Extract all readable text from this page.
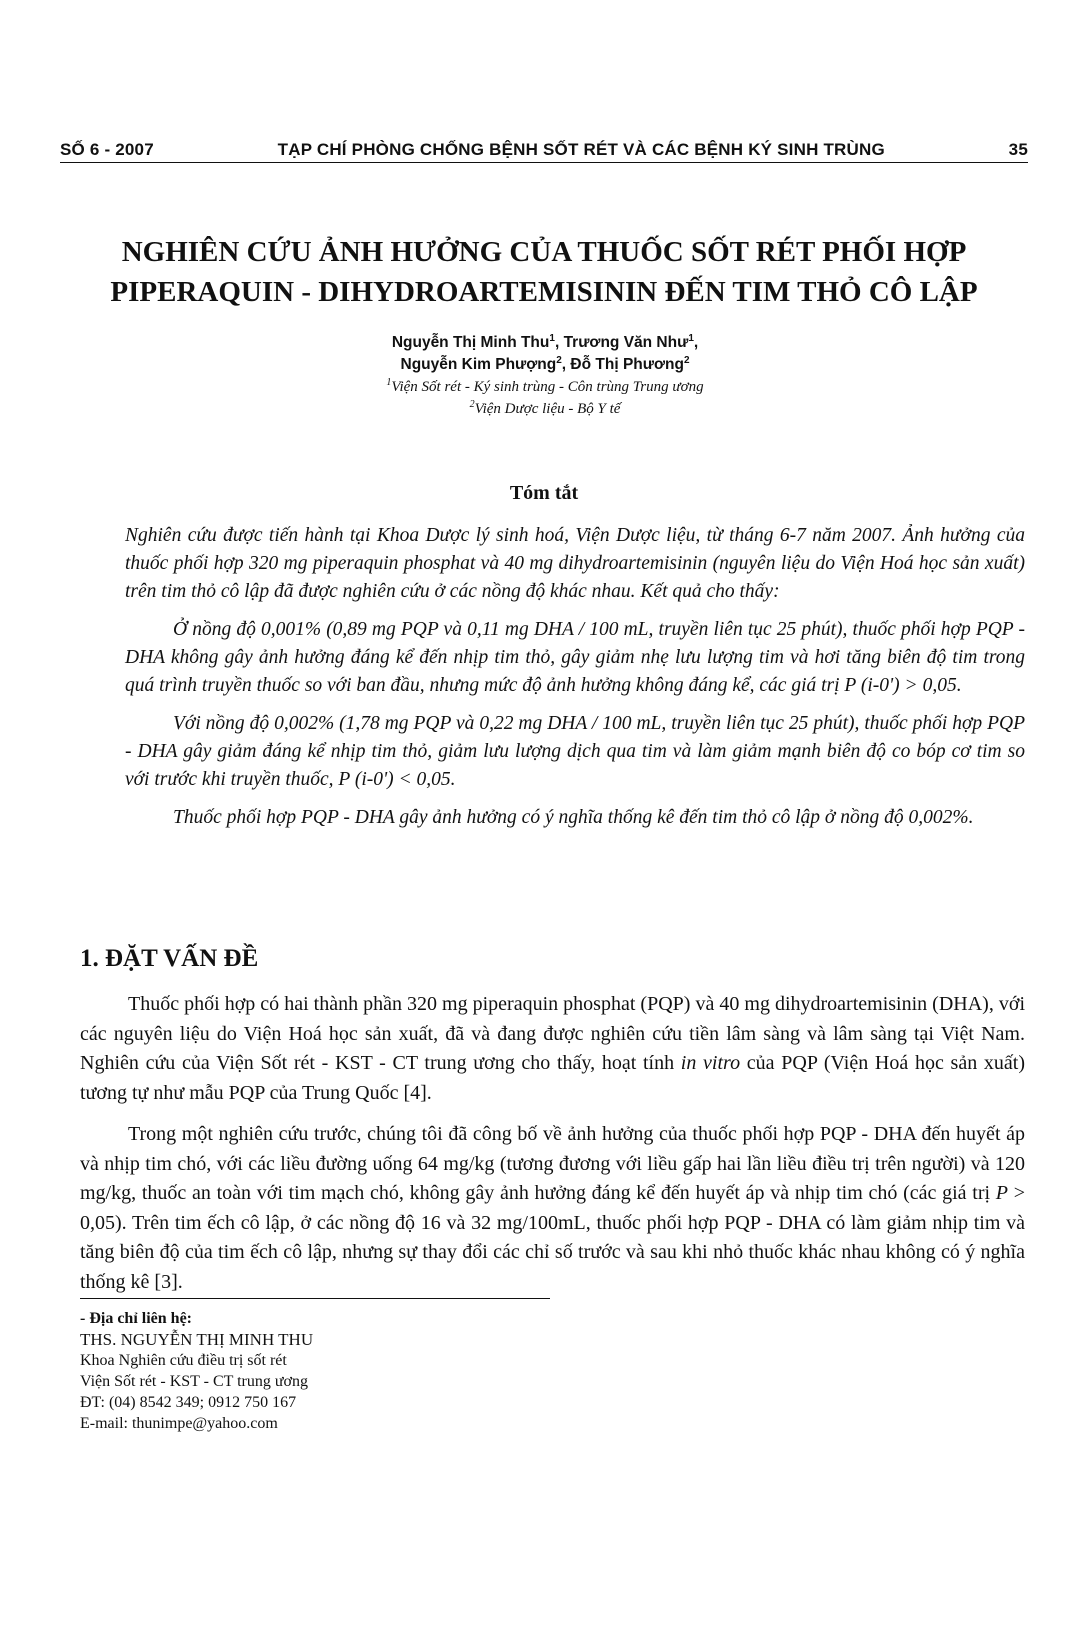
SỐ 6 - 2007	TẠP CHÍ PHÒNG CHỐNG BỆNH SỐT RÉT VÀ CÁC BỆNH KÝ SINH TRÙNG	35
NGHIÊN CỨU ẢNH HƯỞNG CỦA THUỐC SỐT RÉT PHỐI HỢP
PIPERAQUIN - DIHYDROARTEMISININ ĐẾN TIM THỎ CÔ LẬP
Nguyễn Thị Minh Thu$^1$, Trương Văn Như$^1$,
Nguyễn Kim Phượng$^2$, Đỗ Thị Phương$^2$
$^1$Viện Sốt rét - Ký sinh trùng - Côn trùng Trung ương
$^2$Viện Dược liệu - Bộ Y tế
Tóm tắt

Nghiên cứu được tiến hành tại Khoa Dược lý sinh hoá, Viện Dược liệu, từ tháng 6-7 năm 2007. Ảnh hưởng của thuốc phối hợp 320 mg piperaquin phosphat và 40 mg dihydroartemisinin (nguyên liệu do Viện Hoá học sản xuất) trên tim thỏ cô lập đã được nghiên cứu ở các nồng độ khác nhau. Kết quả cho thấy:

Ở nồng độ 0,001% (0,89 mg PQP và 0,11 mg DHA / 100 mL, truyền liên tục 25 phút), thuốc phối hợp PQP - DHA không gây ảnh hưởng đáng kể đến nhịp tim thỏ, gây giảm nhẹ lưu lượng tim và hơi tăng biên độ tim trong quá trình truyền thuốc so với ban đầu, nhưng mức độ ảnh hưởng không đáng kể, các giá trị P (i-0') > 0,05.

Với nồng độ 0,002% (1,78 mg PQP và 0,22 mg DHA / 100 mL, truyền liên tục 25 phút), thuốc phối hợp PQP - DHA gây giảm đáng kể nhịp tim thỏ, giảm lưu lượng dịch qua tim và làm giảm mạnh biên độ co bóp cơ tim so với trước khi truyền thuốc, P (i-0') < 0,05.

Thuốc phối hợp PQP - DHA gây ảnh hưởng có ý nghĩa thống kê đến tim thỏ cô lập ở nồng độ 0,002%.

1. ĐẶT VẤN ĐỀ

Thuốc phối hợp có hai thành phần 320 mg piperaquin phosphat (PQP) và 40 mg dihydroartemisinin (DHA), với các nguyên liệu do Viện Hoá học sản xuất, đã và đang được nghiên cứu tiền lâm sàng và lâm sàng tại Việt Nam. Nghiên cứu của Viện Sốt rét - KST - CT trung ương cho thấy, hoạt tính in vitro của PQP (Viện Hoá học sản xuất) tương tự như mẫu PQP của Trung Quốc [4].

Trong một nghiên cứu trước, chúng tôi đã công bố về ảnh hưởng của thuốc phối hợp PQP - DHA đến huyết áp và nhịp tim chó, với các liều đường uống 64 mg/kg (tương đương với liều gấp hai lần liều điều trị trên người) và 120 mg/kg, thuốc an toàn với tim mạch chó, không gây ảnh hưởng đáng kể đến huyết áp và nhịp tim chó (các giá trị P > 0,05). Trên tim ếch cô lập, ở các nồng độ 16 và 32 mg/100mL, thuốc phối hợp PQP - DHA có làm giảm nhịp tim và tăng biên độ của tim ếch cô lập, nhưng sự thay đổi các chỉ số trước và sau khi nhỏ thuốc khác nhau không có ý nghĩa thống kê [3].

- Địa chỉ liên hệ:
THS. NGUYỄN THỊ MINH THU
Khoa Nghiên cứu điều trị sốt rét
Viện Sốt rét - KST - CT trung ương
ĐT: (04) 8542 349; 0912 750 167
E-mail: thunimpe@yahoo.com
